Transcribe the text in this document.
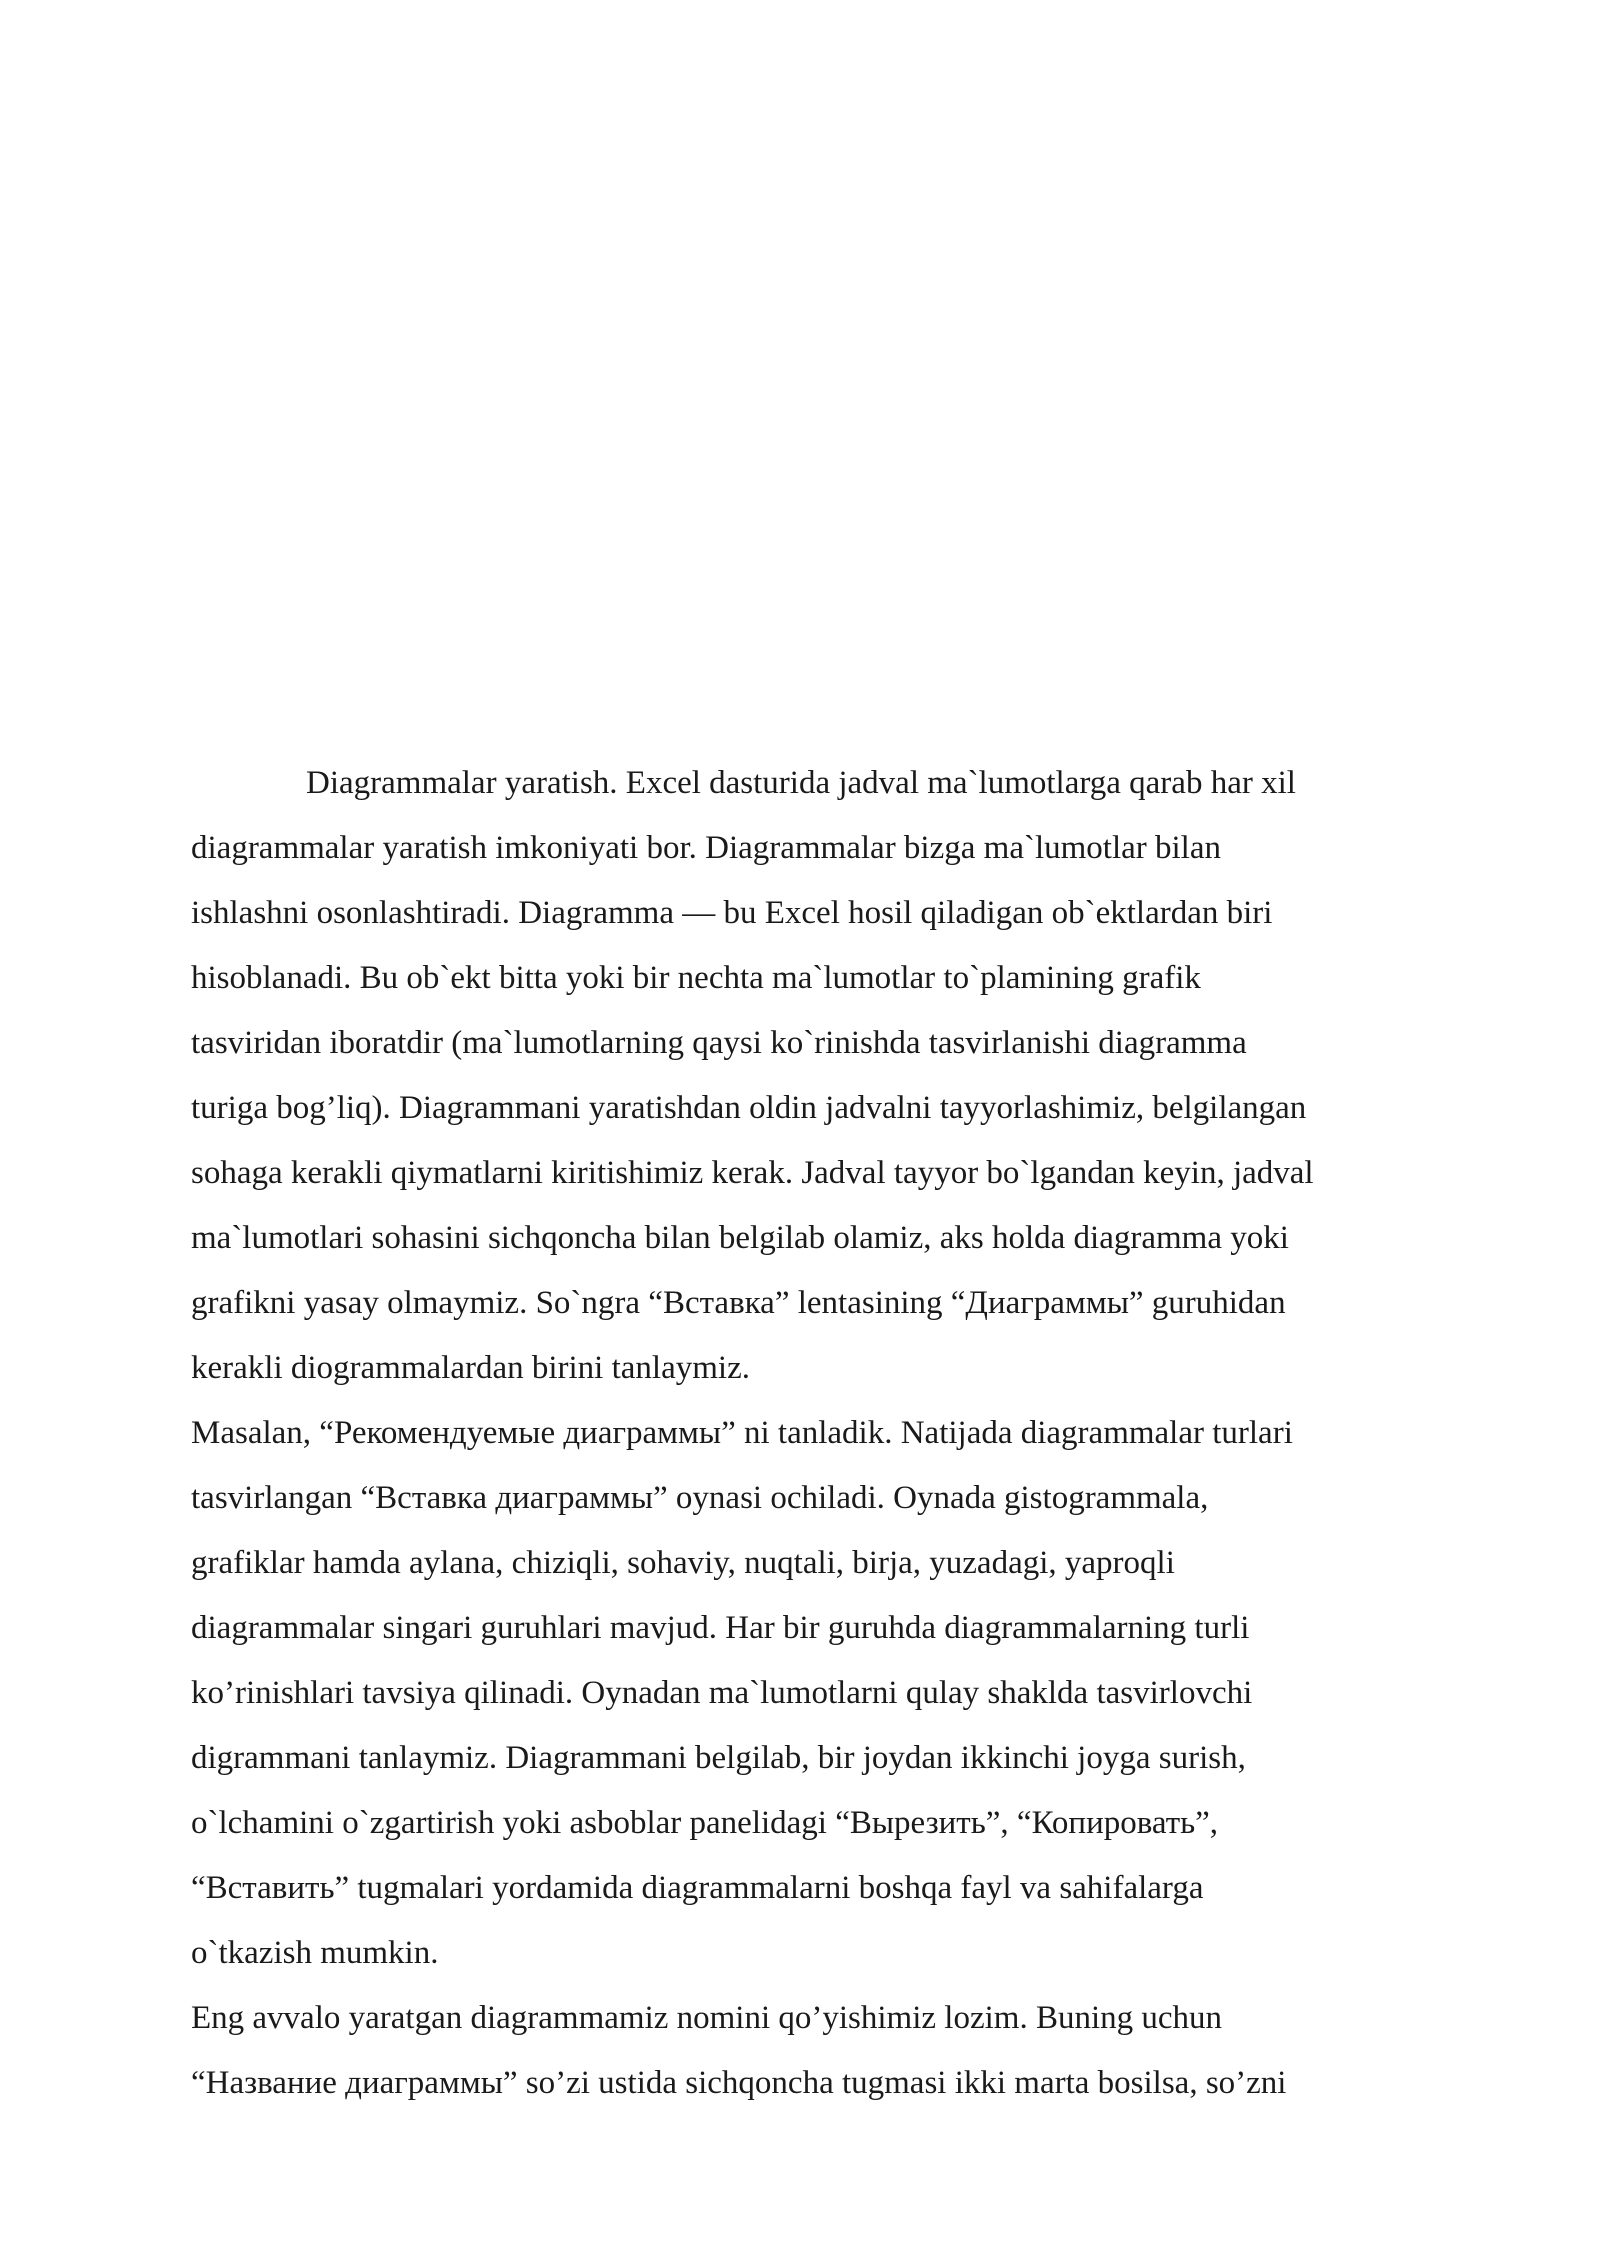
Diagrammalar yaratish. Excel dasturida jadval ma`lumotlarga qarab har xil
diagrammalar yaratish imkoniyati bor. Diagrammalar bizga ma`lumotlar bilan
ishlashni osonlashtiradi. Diagramma — bu Excel hosil qiladigan ob`ektlardan biri
hisoblanadi. Bu ob`ekt bitta yoki bir nechta ma`lumotlar to`plamining grafik
tasviridan iboratdir (ma`lumotlarning qaysi ko`rinishda tasvirlanishi diagramma
turiga bog’liq). Diagrammani yaratishdan oldin jadvalni tayyorlashimiz, belgilangan
sohaga kerakli qiymatlarni kiritishimiz kerak. Jadval tayyor bo`lgandan keyin, jadval
ma`lumotlari sohasini sichqoncha bilan belgilab olamiz, aks holda diagramma yoki
grafikni yasay olmaymiz. So`ngra “Вставка” lentasining “Диаграммы” guruhidan
kerakli diogrammalardan birini tanlaymiz.
Masalan, “Рекомендуемые диаграммы” ni tanladik. Natijada diagrammalar turlari
tasvirlangan “Вставка диаграммы” oynasi ochiladi. Oynada gistogrammala,
grafiklar hamda aylana, chiziqli, sohaviy, nuqtali, birja, yuzadagi, yaproqli
diagrammalar singari guruhlari mavjud. Har bir guruhda diagrammalarning turli
ko’rinishlari tavsiya qilinadi. Oynadan ma`lumotlarni qulay shaklda tasvirlovchi
digrammani tanlaymiz. Diagrammani belgilab, bir joydan ikkinchi joyga surish,
o`lchamini o`zgartirish yoki asboblar panelidagi “Вырезить”, “Копировать”,
“Вставить” tugmalari yordamida diagrammalarni boshqa fayl va sahifalarga
o`tkazish mumkin.
Eng avvalo yaratgan diagrammamiz nomini qo’yishimiz lozim. Buning uchun
“Название диаграммы” so’zi ustida sichqoncha tugmasi ikki marta bosilsa, so’zni
